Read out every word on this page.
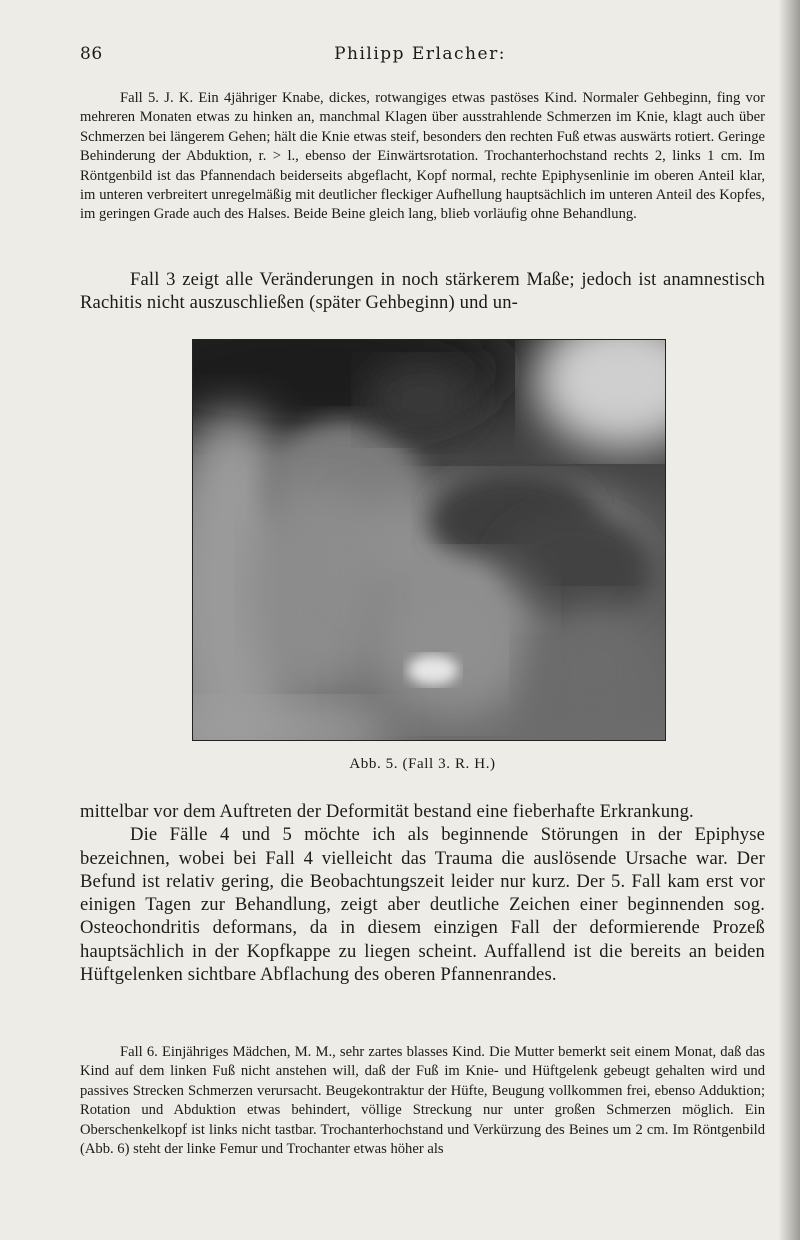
86	Philipp Erlacher:

Fall 5. J. K. Ein 4jähriger Knabe, dickes, rotwangiges etwas pastöses Kind. Normaler Gehbeginn, fing vor mehreren Monaten etwas zu hinken an, manchmal Klagen über ausstrahlende Schmerzen im Knie, klagt auch über Schmerzen bei längerem Gehen; hält die Knie etwas steif, besonders den rechten Fuß etwas auswärts rotiert. Geringe Behinderung der Abduktion, r. > l., ebenso der Einwärtsrotation. Trochanterhochstand rechts 2, links 1 cm. Im Röntgenbild ist das Pfannendach beiderseits abgeflacht, Kopf normal, rechte Epiphysenlinie im oberen Anteil klar, im unteren verbreitert unregelmäßig mit deutlicher fleckiger Aufhellung hauptsächlich im unteren Anteil des Kopfes, im geringen Grade auch des Halses. Beide Beine gleich lang, blieb vorläufig ohne Behandlung.

Fall 3 zeigt alle Veränderungen in noch stärkerem Maße; jedoch ist anamnestisch Rachitis nicht auszuschließen (später Gehbeginn) und un-

Abb. 5. (Fall 3. R. H.)

mittelbar vor dem Auftreten der Deformität bestand eine fieberhafte Erkrankung.

Die Fälle 4 und 5 möchte ich als beginnende Störungen in der Epiphyse bezeichnen, wobei bei Fall 4 vielleicht das Trauma die auslösende Ursache war. Der Befund ist relativ gering, die Beobachtungszeit leider nur kurz. Der 5. Fall kam erst vor einigen Tagen zur Behandlung, zeigt aber deutliche Zeichen einer beginnenden sog. Osteochondritis deformans, da in diesem einzigen Fall der deformierende Prozeß hauptsächlich in der Kopfkappe zu liegen scheint. Auffallend ist die bereits an beiden Hüftgelenken sichtbare Abflachung des oberen Pfannenrandes.

Fall 6. Einjähriges Mädchen, M. M., sehr zartes blasses Kind. Die Mutter bemerkt seit einem Monat, daß das Kind auf dem linken Fuß nicht anstehen will, daß der Fuß im Knie- und Hüftgelenk gebeugt gehalten wird und passives Strecken Schmerzen verursacht. Beugekontraktur der Hüfte, Beugung vollkommen frei, ebenso Adduktion; Rotation und Abduktion etwas behindert, völlige Streckung nur unter großen Schmerzen möglich. Ein Oberschenkelkopf ist links nicht tastbar. Trochanterhochstand und Verkürzung des Beines um 2 cm. Im Röntgenbild (Abb. 6) steht der linke Femur und Trochanter etwas höher als
